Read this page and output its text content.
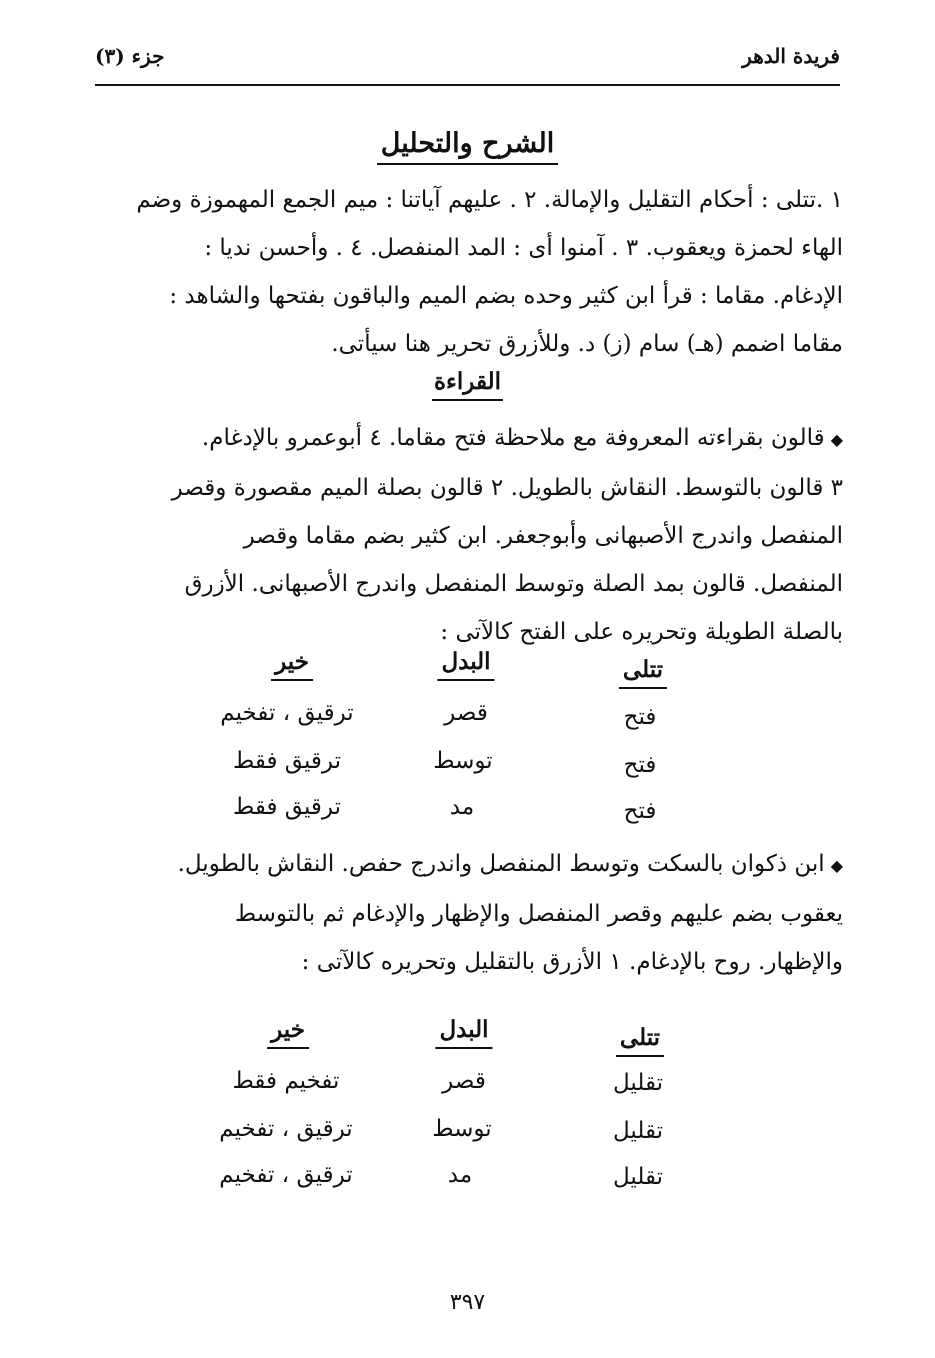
فريدة الدهر
جزء (٣)
الشرح والتحليل

١ .تتلى : أحكام التقليل والإمالة. ٢ . عليهم آياتنا : ميم الجمع المهموزة وضم

الهاء لحمزة ويعقوب. ٣ . آمنوا أى : المد المنفصل. ٤ . وأحسن نديا :

الإدغام. مقاما : قرأ ابن كثير وحده بضم الميم والباقون بفتحها والشاهد :

مقاما اضمم (هـ) سام (ز) د. وللأزرق تحرير هنا سيأتى.

القراءة

◆قالون بقراءته المعروفة مع ملاحظة فتح مقاما. ٤ أبوعمرو بالإدغام.

٣ قالون بالتوسط. النقاش بالطويل. ٢ قالون بصلة الميم مقصورة وقصر

المنفصل واندرج الأصبهانى وأبوجعفر. ابن كثير بضم مقاما وقصر

المنفصل. قالون بمد الصلة وتوسط المنفصل واندرج الأصبهانى. الأزرق

بالصلة الطويلة وتحريره على الفتح كالآتى :

تتلى
البدل
خير
فتح
قصر
ترقيق ، تفخيم
فتح
توسط
ترقيق فقط
فتح
مد
ترقيق فقط

◆ابن ذكوان بالسكت وتوسط المنفصل واندرج حفص. النقاش بالطويل.

يعقوب بضم عليهم وقصر المنفصل والإظهار والإدغام ثم بالتوسط

والإظهار. روح بالإدغام. ١ الأزرق بالتقليل وتحريره كالآتى :

تتلى
البدل
خير
تقليل
قصر
تفخيم فقط
تقليل
توسط
ترقيق ، تفخيم
تقليل
مد
ترقيق ، تفخيم
٣٩٧
